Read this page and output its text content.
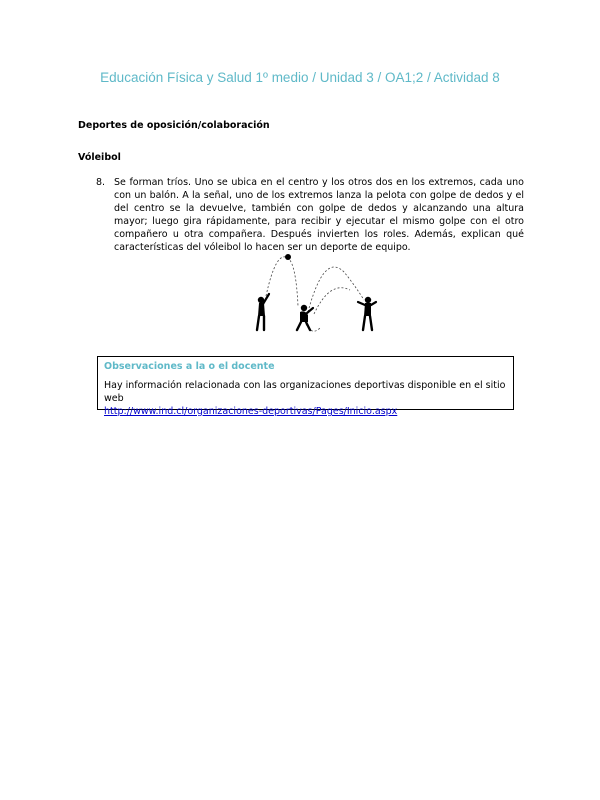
Educación Física y Salud 1º medio / Unidad 3 / OA1;2 / Actividad 8
Deportes de oposición/colaboración
Vóleibol
8. Se forman tríos. Uno se ubica en el centro y los otros dos en los extremos, cada uno con un balón. A la señal, uno de los extremos lanza la pelota con golpe de dedos y el del centro se la devuelve, también con golpe de dedos y alcanzando una altura mayor; luego gira rápidamente, para recibir y ejecutar el mismo golpe con el otro compañero u otra compañera. Después invierten los roles. Además, explican qué características del vóleibol lo hacen ser un deporte de equipo.
Observaciones a la o el docente
Hay información relacionada con las organizaciones deportivas disponible en el sitio web
http://www.ind.cl/organizaciones-deportivas/Pages/Inicio.aspx
